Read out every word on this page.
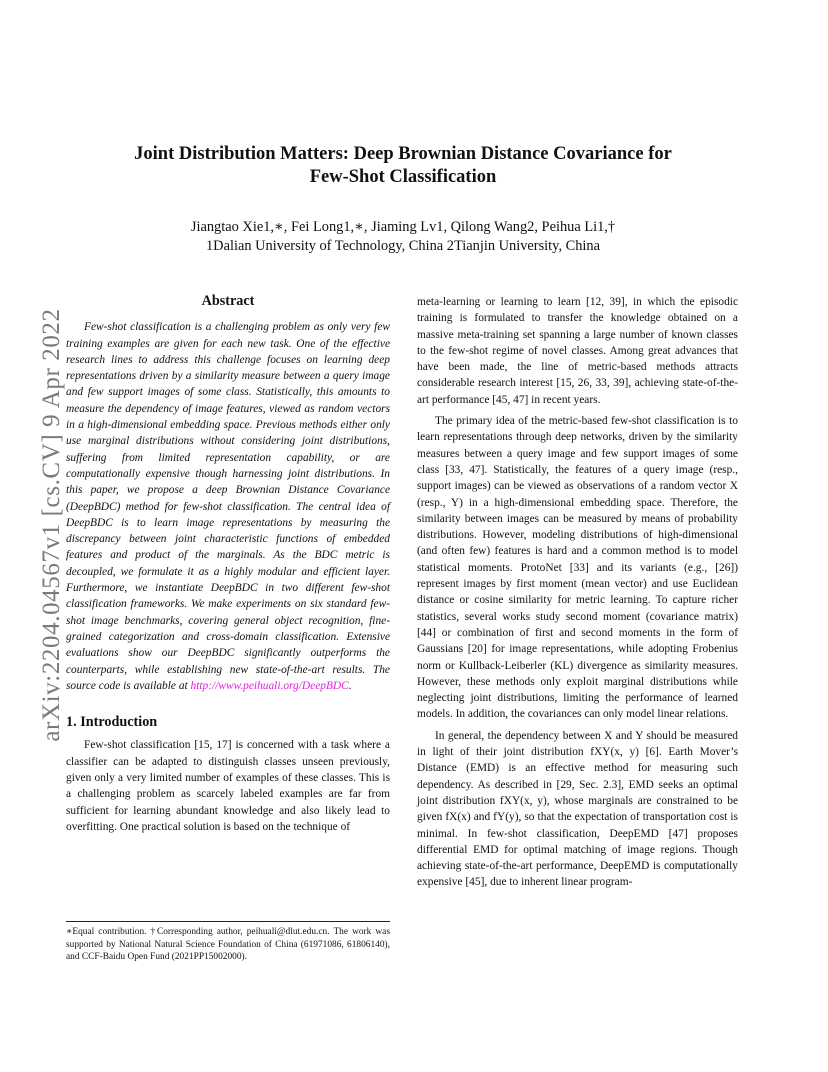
arXiv:2204.04567v1 [cs.CV] 9 Apr 2022
Joint Distribution Matters: Deep Brownian Distance Covariance for
Few-Shot Classification
Jiangtao Xie1,∗, Fei Long1,∗, Jiaming Lv1, Qilong Wang2, Peihua Li1,†
1Dalian University of Technology, China 2Tianjin University, China

Abstract

Few-shot classification is a challenging problem as only very few training examples are given for each new task. One of the effective research lines to address this challenge focuses on learning deep representations driven by a similarity measure between a query image and few support images of some class. Statistically, this amounts to measure the dependency of image features, viewed as random vectors in a high-dimensional embedding space. Previous methods either only use marginal distributions without considering joint distributions, suffering from limited representation capability, or are computationally expensive though harnessing joint distributions. In this paper, we propose a deep Brownian Distance Covariance (DeepBDC) method for few-shot classification. The central idea of DeepBDC is to learn image representations by measuring the discrepancy between joint characteristic functions of embedded features and product of the marginals. As the BDC metric is decoupled, we formulate it as a highly modular and efficient layer. Furthermore, we instantiate DeepBDC in two different few-shot classification frameworks. We make experiments on six standard few-shot image benchmarks, covering general object recognition, fine-grained categorization and cross-domain classification. Extensive evaluations show our DeepBDC significantly outperforms the counterparts, while establishing new state-of-the-art results. The source code is available at http://www.peihuali.org/DeepBDC.

1. Introduction

Few-shot classification [15, 17] is concerned with a task where a classifier can be adapted to distinguish classes unseen previously, given only a very limited number of examples of these classes. This is a challenging problem as scarcely labeled examples are far from sufficient for learning abundant knowledge and also likely lead to overfitting. One practical solution is based on the technique of

∗Equal contribution. †Corresponding author, peihuali@dlut.edu.cn. The work was supported by National Natural Science Foundation of China (61971086, 61806140), and CCF-Baidu Open Fund (2021PP15002000).

meta-learning or learning to learn [12, 39], in which the episodic training is formulated to transfer the knowledge obtained on a massive meta-training set spanning a large number of known classes to the few-shot regime of novel classes. Among great advances that have been made, the line of metric-based methods attracts considerable research interest [15, 26, 33, 39], achieving state-of-the-art performance [45, 47] in recent years.

The primary idea of the metric-based few-shot classification is to learn representations through deep networks, driven by the similarity measures between a query image and few support images of some class [33, 47]. Statistically, the features of a query image (resp., support images) can be viewed as observations of a random vector X (resp., Y) in a high-dimensional embedding space. Therefore, the similarity between images can be measured by means of probability distributions. However, modeling distributions of high-dimensional (and often few) features is hard and a common method is to model statistical moments. ProtoNet [33] and its variants (e.g., [26]) represent images by first moment (mean vector) and use Euclidean distance or cosine similarity for metric learning. To capture richer statistics, several works study second moment (covariance matrix) [44] or combination of first and second moments in the form of Gaussians [20] for image representations, while adopting Frobenius norm or Kullback-Leiberler (KL) divergence as similarity measures. However, these methods only exploit marginal distributions while neglecting joint distributions, limiting the performance of learned models. In addition, the covariances can only model linear relations.

In general, the dependency between X and Y should be measured in light of their joint distribution fXY(x, y) [6]. Earth Mover’s Distance (EMD) is an effective method for measuring such dependency. As described in [29, Sec. 2.3], EMD seeks an optimal joint distribution fXY(x, y), whose marginals are constrained to be given fX(x) and fY(y), so that the expectation of transportation cost is minimal. In few-shot classification, DeepEMD [47] proposes differential EMD for optimal matching of image regions. Though achieving state-of-the-art performance, DeepEMD is computationally expensive [45], due to inherent linear program-
